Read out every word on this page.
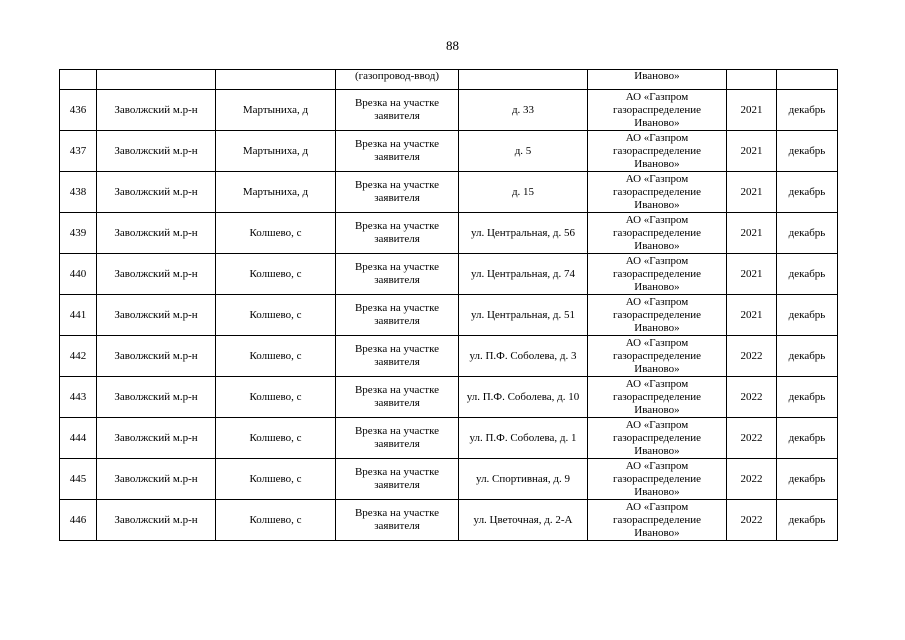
88
			(газопровод-ввод)		Иваново»		
436	Заволжский м.р-н	Мартыниха, д	Врезка на участке заявителя	д. 33	АО «Газпром газораспределение Иваново»	2021	декабрь
437	Заволжский м.р-н	Мартыниха, д	Врезка на участке заявителя	д. 5	АО «Газпром газораспределение Иваново»	2021	декабрь
438	Заволжский м.р-н	Мартыниха, д	Врезка на участке заявителя	д. 15	АО «Газпром газораспределение Иваново»	2021	декабрь
439	Заволжский м.р-н	Колшево, с	Врезка на участке заявителя	ул. Центральная, д. 56	АО «Газпром газораспределение Иваново»	2021	декабрь
440	Заволжский м.р-н	Колшево, с	Врезка на участке заявителя	ул. Центральная, д. 74	АО «Газпром газораспределение Иваново»	2021	декабрь
441	Заволжский м.р-н	Колшево, с	Врезка на участке заявителя	ул. Центральная, д. 51	АО «Газпром газораспределение Иваново»	2021	декабрь
442	Заволжский м.р-н	Колшево, с	Врезка на участке заявителя	ул. П.Ф. Соболева, д. 3	АО «Газпром газораспределение Иваново»	2022	декабрь
443	Заволжский м.р-н	Колшево, с	Врезка на участке заявителя	ул. П.Ф. Соболева, д. 10	АО «Газпром газораспределение Иваново»	2022	декабрь
444	Заволжский м.р-н	Колшево, с	Врезка на участке заявителя	ул. П.Ф. Соболева, д. 1	АО «Газпром газораспределение Иваново»	2022	декабрь
445	Заволжский м.р-н	Колшево, с	Врезка на участке заявителя	ул. Спортивная, д. 9	АО «Газпром газораспределение Иваново»	2022	декабрь
446	Заволжский м.р-н	Колшево, с	Врезка на участке заявителя	ул. Цветочная, д. 2-А	АО «Газпром газораспределение Иваново»	2022	декабрь
